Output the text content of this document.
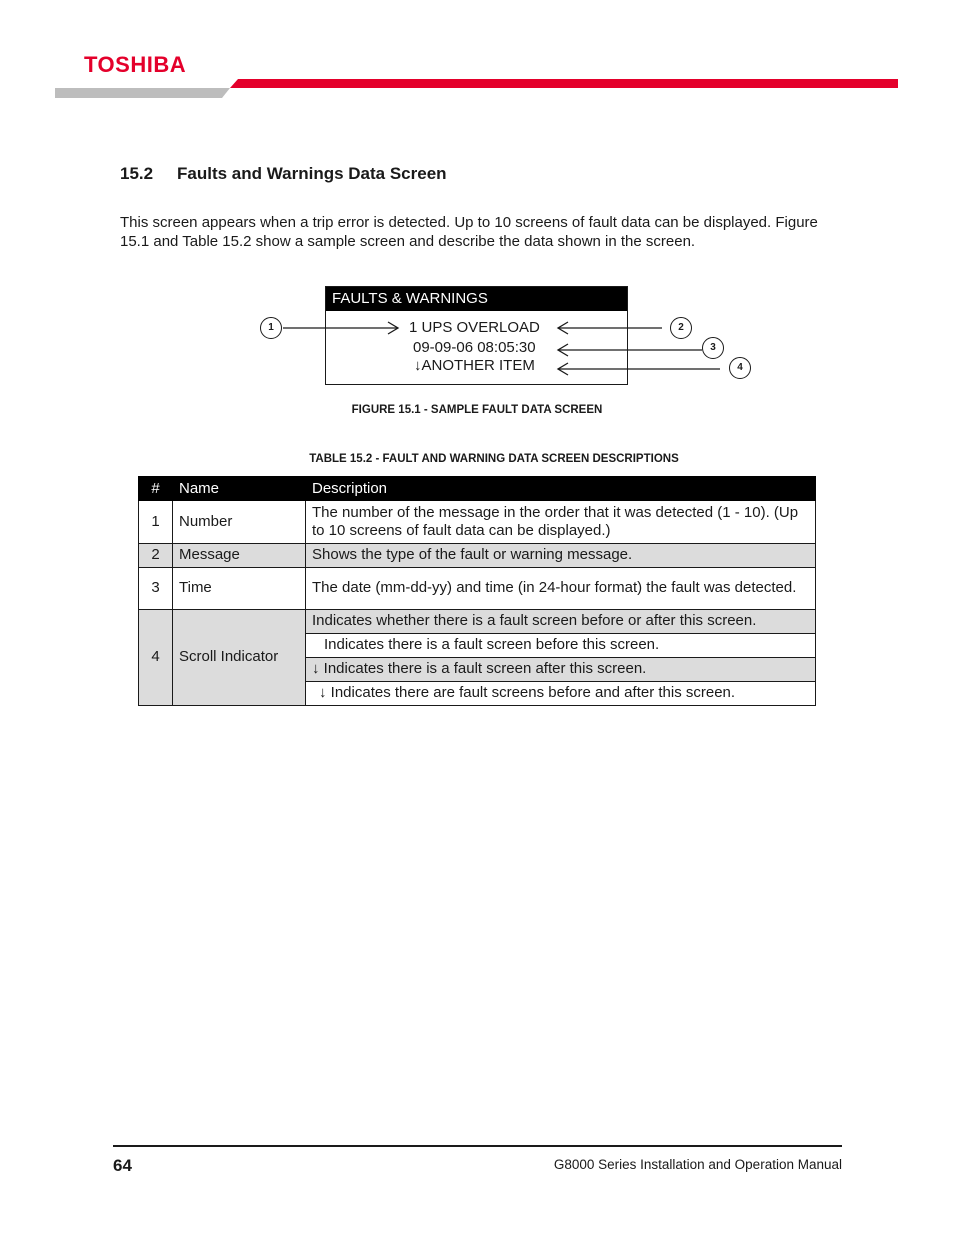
TOSHIBA
15.2 Faults and Warnings Data Screen
This screen appears when a trip error is detected. Up to 10 screens of fault data can be displayed. Figure 15.1 and Table 15.2 show a sample screen and describe the data shown in the screen.
FAULTS & WARNINGS
1 UPS OVERLOAD
09-09-06 08:05:30
↓ANOTHER ITEM
1	2
3
4
FIGURE 15.1 - SAMPLE FAULT DATA SCREEN
TABLE 15.2 - FAULT AND WARNING DATA SCREEN DESCRIPTIONS
#	Name	Description
1	Number	The number of the message in the order that it was detected (1 - 10). (Up to 10 screens of fault data can be displayed.)
2	Message	Shows the type of the fault or warning message.
3	Time	The date (mm-dd-yy) and time (in 24-hour format) the fault was detected.
4	Scroll Indicator	Indicates whether there is a fault screen before or after this screen.
		Indicates there is a fault screen before this screen.
		↓ Indicates there is a fault screen after this screen.
		↓ Indicates there are fault screens before and after this screen.
64	G8000 Series Installation and Operation Manual
